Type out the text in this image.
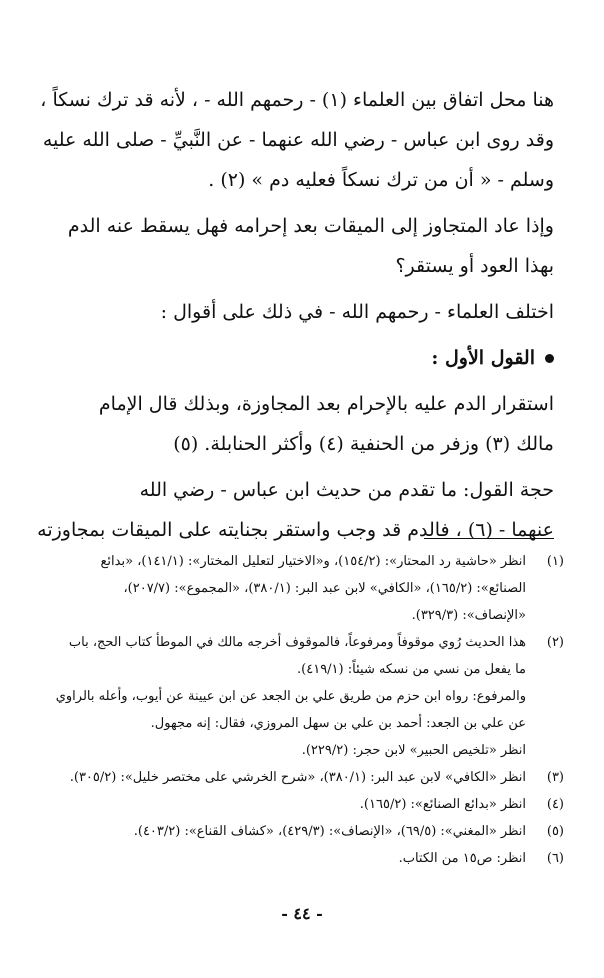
هنا محل اتفاق بين العلماء (١) - رحمهم الله - ، لأنه قد ترك نسكاً ،

وقد روى ابن عباس - رضي الله عنهما - عن النَّبيِّ - صلى الله عليه

وسلم - « أن من ترك نسكاً فعليه دم » (٢) .

وإذا عاد المتجاوز إلى الميقات بعد إحرامه فهل يسقط عنه الدم

بهذا العود أو يستقر؟

اختلف العلماء - رحمهم الله - في ذلك على أقوال :

القول الأول :

استقرار الدم عليه بالإحرام بعد المجاوزة، وبذلك قال الإمام

مالك (٣) وزفر من الحنفية (٤) وأكثر الحنابلة. (٥)

حجة القول: ما تقدم من حديث ابن عباس - رضي الله

عنهما - (٦) ، فالدم قد وجب واستقر بجنايته على الميقات بمجاوزته

(١)
انظر «حاشية رد المحتار»: (١٥٤/٢)، و«الاختيار لتعليل المختار»: (١٤١/١)، «بدائع
الصنائع»: (١٦٥/٢)، «الكافي» لابن عبد البر: (٣٨٠/١)، «المجموع»: (٢٠٧/٧)،
«الإنصاف»: (٣٢٩/٣).
(٢)
هذا الحديث رُوي موقوفاً ومرفوعاً، فالموقوف أخرجه مالك في الموطأ كتاب الحج، باب
ما يفعل من نسي من نسكه شيئاً: (٤١٩/١).
والمرفوع: رواه ابن حزم من طريق علي بن الجعد عن ابن عيينة عن أيوب، وأعله بالراوي
عن علي بن الجعد: أحمد بن علي بن سهل المروزي، فقال: إنه مجهول.
انظر «تلخيص الحبير» لابن حجر: (٢٢٩/٢).
(٣)
انظر «الكافي» لابن عبد البر: (٣٨٠/١)، «شرح الخرشي على مختصر خليل»: (٣٠٥/٢).
(٤)
انظر «بدائع الصنائع»: (١٦٥/٢).
(٥)
انظر «المغني»: (٦٩/٥)، «الإنصاف»: (٤٢٩/٣)، «كشاف القناع»: (٤٠٣/٢).
(٦)
انظر: ص١٥ من الكتاب.
- ٤٤ -
